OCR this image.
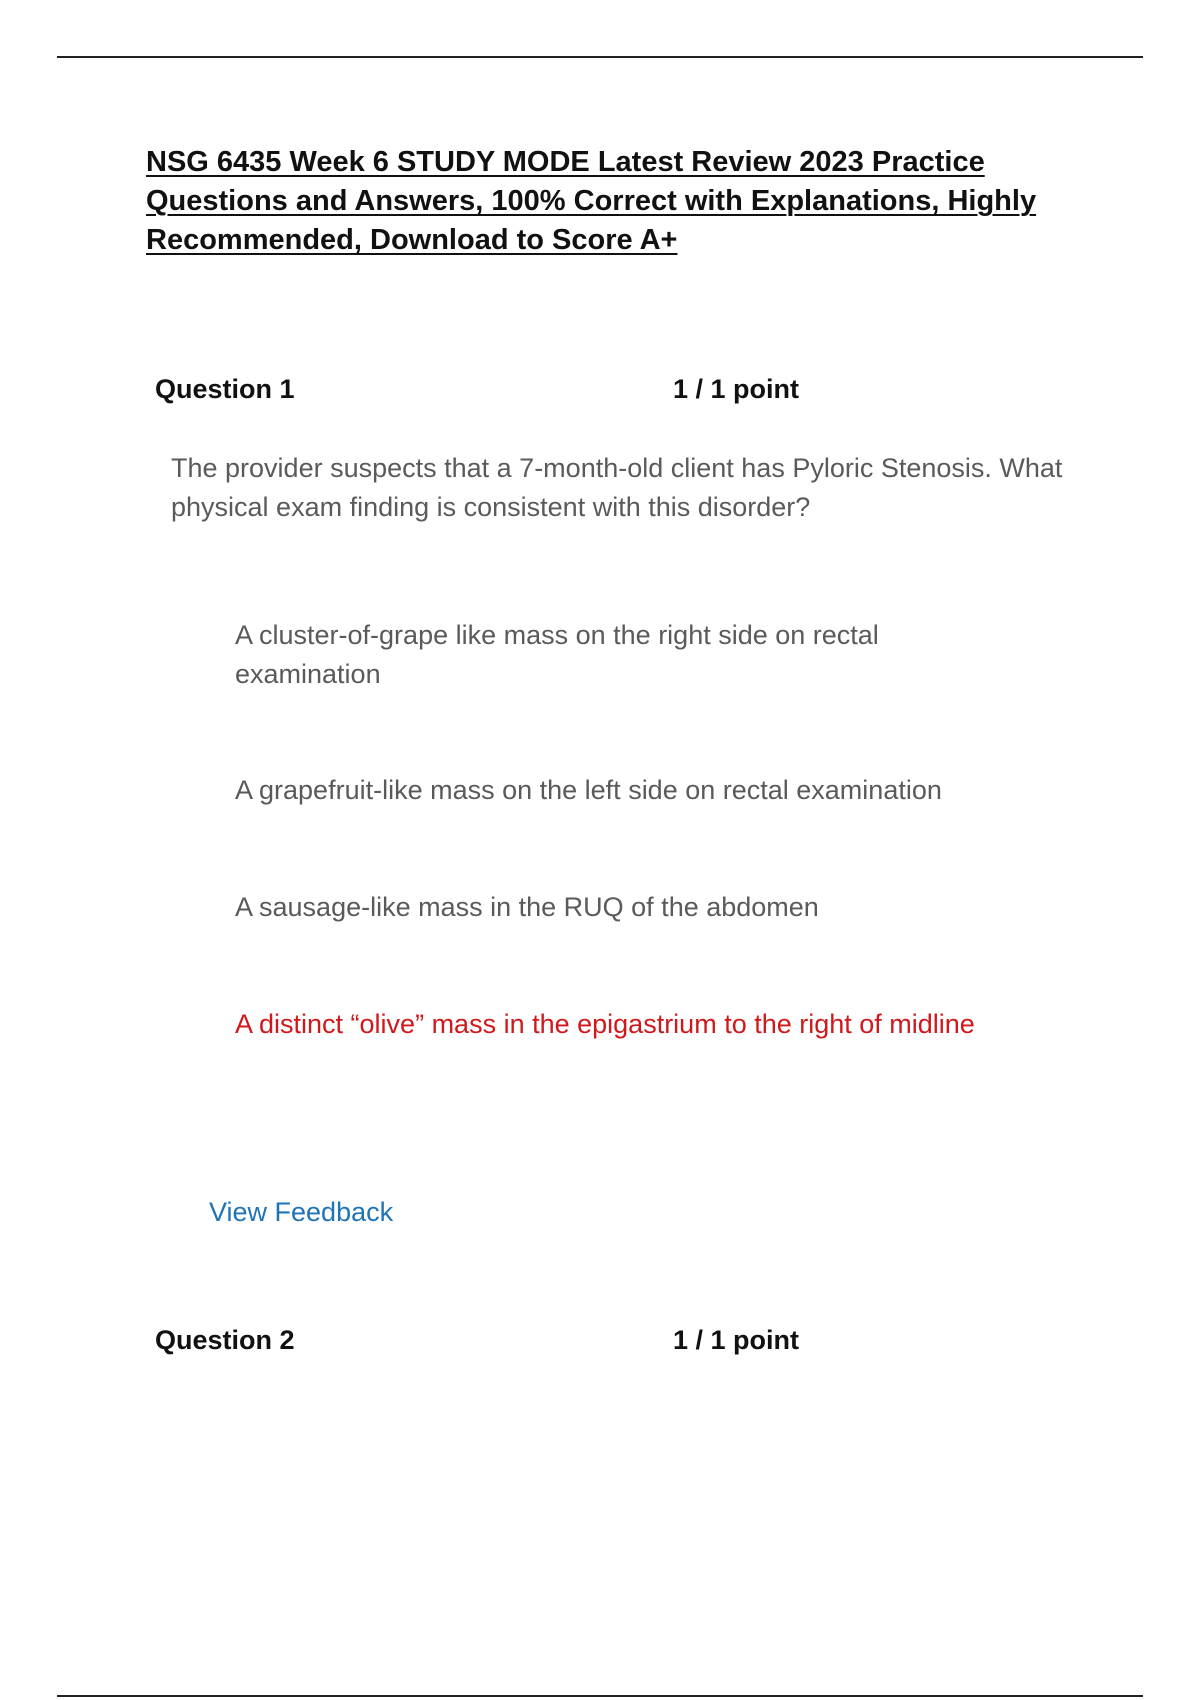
NSG 6435 Week 6 STUDY MODE Latest Review 2023 Practice Questions and Answers, 100% Correct with Explanations, Highly Recommended, Download to Score A+
Question 1	1 / 1 point

The provider suspects that a 7-month-old client has Pyloric Stenosis. What physical exam finding is consistent with this disorder?

A cluster-of-grape like mass on the right side on rectal examination

A grapefruit-like mass on the left side on rectal examination

A sausage-like mass in the RUQ of the abdomen

A distinct “olive” mass in the epigastrium to the right of midline

View Feedback
Question 2	1 / 1 point
